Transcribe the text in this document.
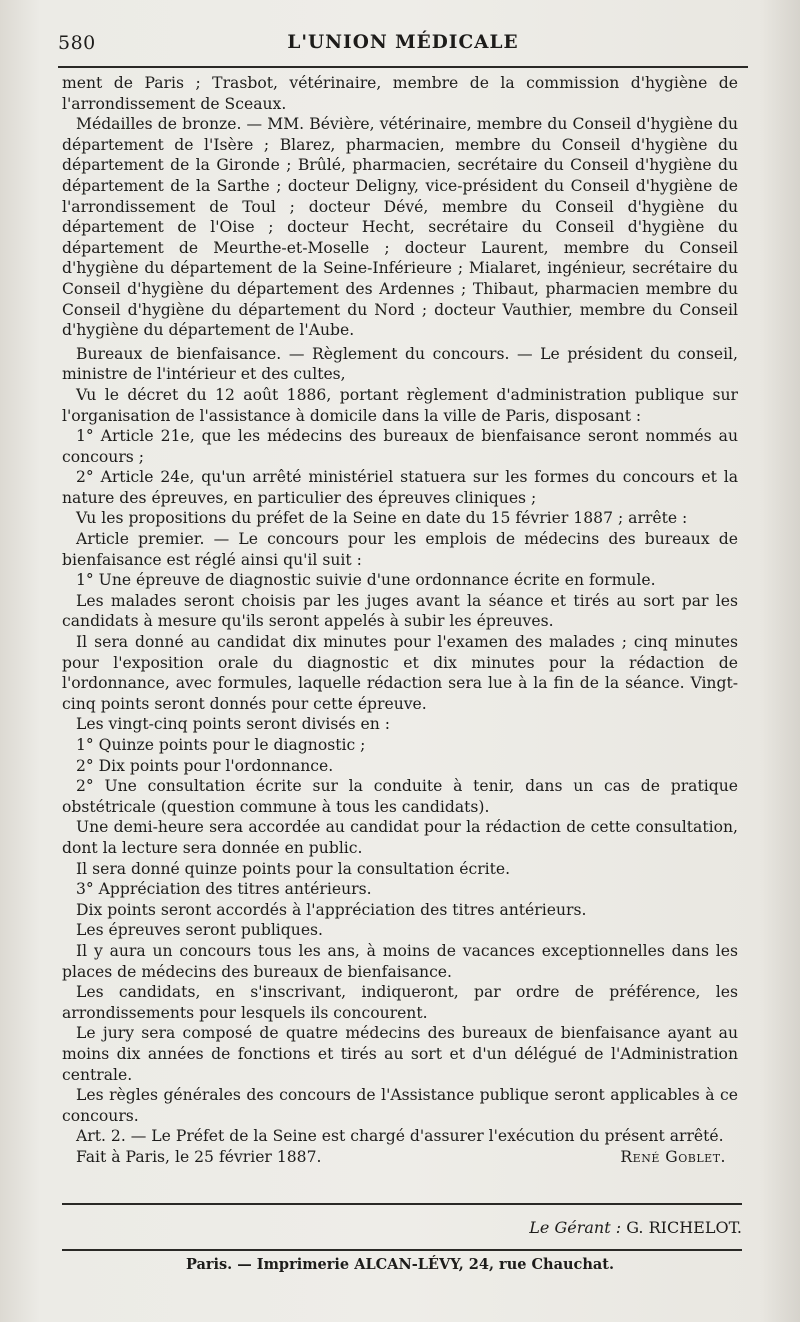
580	L'UNION MÉDICALE

ment de Paris ; Trasbot, vétérinaire, membre de la commission d'hygiène de l'arrondissement de Sceaux.

Médailles de bronze. — MM. Bévière, vétérinaire, membre du Conseil d'hygiène du département de l'Isère ; Blarez, pharmacien, membre du Conseil d'hygiène du département de la Gironde ; Brûlé, pharmacien, secrétaire du Conseil d'hygiène du département de la Sarthe ; docteur Deligny, vice-président du Conseil d'hygiène de l'arrondissement de Toul ; docteur Dévé, membre du Conseil d'hygiène du département de l'Oise ; docteur Hecht, secrétaire du Conseil d'hygiène du département de Meurthe-et-Moselle ; docteur Laurent, membre du Conseil d'hygiène du département de la Seine-Inférieure ; Mialaret, ingénieur, secrétaire du Conseil d'hygiène du département des Ardennes ; Thibaut, pharmacien membre du Conseil d'hygiène du département du Nord ; docteur Vauthier, membre du Conseil d'hygiène du département de l'Aube.

Bureaux de bienfaisance. — Règlement du concours. — Le président du conseil, ministre de l'intérieur et des cultes,

Vu le décret du 12 août 1886, portant règlement d'administration publique sur l'organisation de l'assistance à domicile dans la ville de Paris, disposant :

1° Article 21e, que les médecins des bureaux de bienfaisance seront nommés au concours ;

2° Article 24e, qu'un arrêté ministériel statuera sur les formes du concours et la nature des épreuves, en particulier des épreuves cliniques ;

Vu les propositions du préfet de la Seine en date du 15 février 1887 ; arrête :

Article premier. — Le concours pour les emplois de médecins des bureaux de bienfaisance est réglé ainsi qu'il suit :

1° Une épreuve de diagnostic suivie d'une ordonnance écrite en formule.

Les malades seront choisis par les juges avant la séance et tirés au sort par les candidats à mesure qu'ils seront appelés à subir les épreuves.

Il sera donné au candidat dix minutes pour l'examen des malades ; cinq minutes pour l'exposition orale du diagnostic et dix minutes pour la rédaction de l'ordonnance, avec formules, laquelle rédaction sera lue à la fin de la séance. Vingt-cinq points seront donnés pour cette épreuve.

Les vingt-cinq points seront divisés en :

1° Quinze points pour le diagnostic ;

2° Dix points pour l'ordonnance.

2° Une consultation écrite sur la conduite à tenir, dans un cas de pratique obstétricale (question commune à tous les candidats).

Une demi-heure sera accordée au candidat pour la rédaction de cette consultation, dont la lecture sera donnée en public.

Il sera donné quinze points pour la consultation écrite.

3° Appréciation des titres antérieurs.

Dix points seront accordés à l'appréciation des titres antérieurs.

Les épreuves seront publiques.

Il y aura un concours tous les ans, à moins de vacances exceptionnelles dans les places de médecins des bureaux de bienfaisance.

Les candidats, en s'inscrivant, indiqueront, par ordre de préférence, les arrondissements pour lesquels ils concourent.

Le jury sera composé de quatre médecins des bureaux de bienfaisance ayant au moins dix années de fonctions et tirés au sort et d'un délégué de l'Administration centrale.

Les règles générales des concours de l'Assistance publique seront applicables à ce concours.

Art. 2. — Le Préfet de la Seine est chargé d'assurer l'exécution du présent arrêté.

Fait à Paris, le 25 février 1887.	René Goblet.
Le Gérant : G. RICHELOT.
Paris. — Imprimerie ALCAN-LÉVY, 24, rue Chauchat.
